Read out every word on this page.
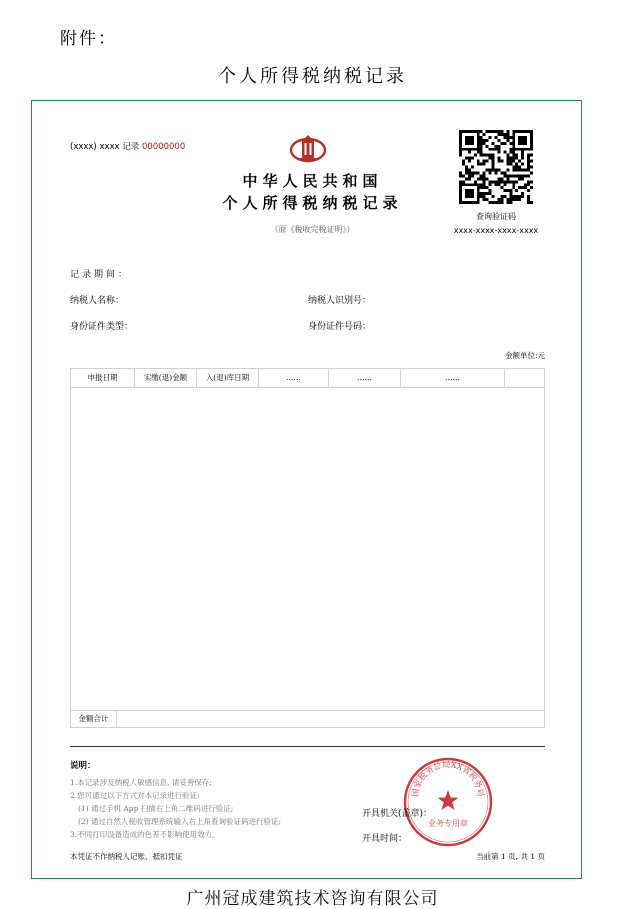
附件：
个人所得税纳税记录
(xxxx) xxxx 记录 00000000
中华人民共和国
个人所得税纳税记录
（原《税收完税证明》）
查询验证码
xxxx-xxxx-xxxx-xxxx
记录期间：
纳税人名称：	纳税人识别号：
身份证件类型：	身份证件号码：
金额单位:元
申报日期	实缴(退)金额	入(退)库日期	……	……	……
金额合计
说明：
1.本记录涉及纳税人敏感信息, 请妥善保存;
2.您可通过以下方式对本记录进行验证:
(1) 通过手机 App 扫描右上角二维码进行验证;
(2) 通过自然人税收管理系统输入右上角查询验证码进行验证;
3.不同打印设备造成的色差不影响使用效力。
国家税务总局XX省税务局
业务专用章
开具机关(盖章)：
开具时间：
本凭证不作纳税人记账、抵扣凭证	当前第 1 页, 共 1 页
广州冠成建筑技术咨询有限公司
